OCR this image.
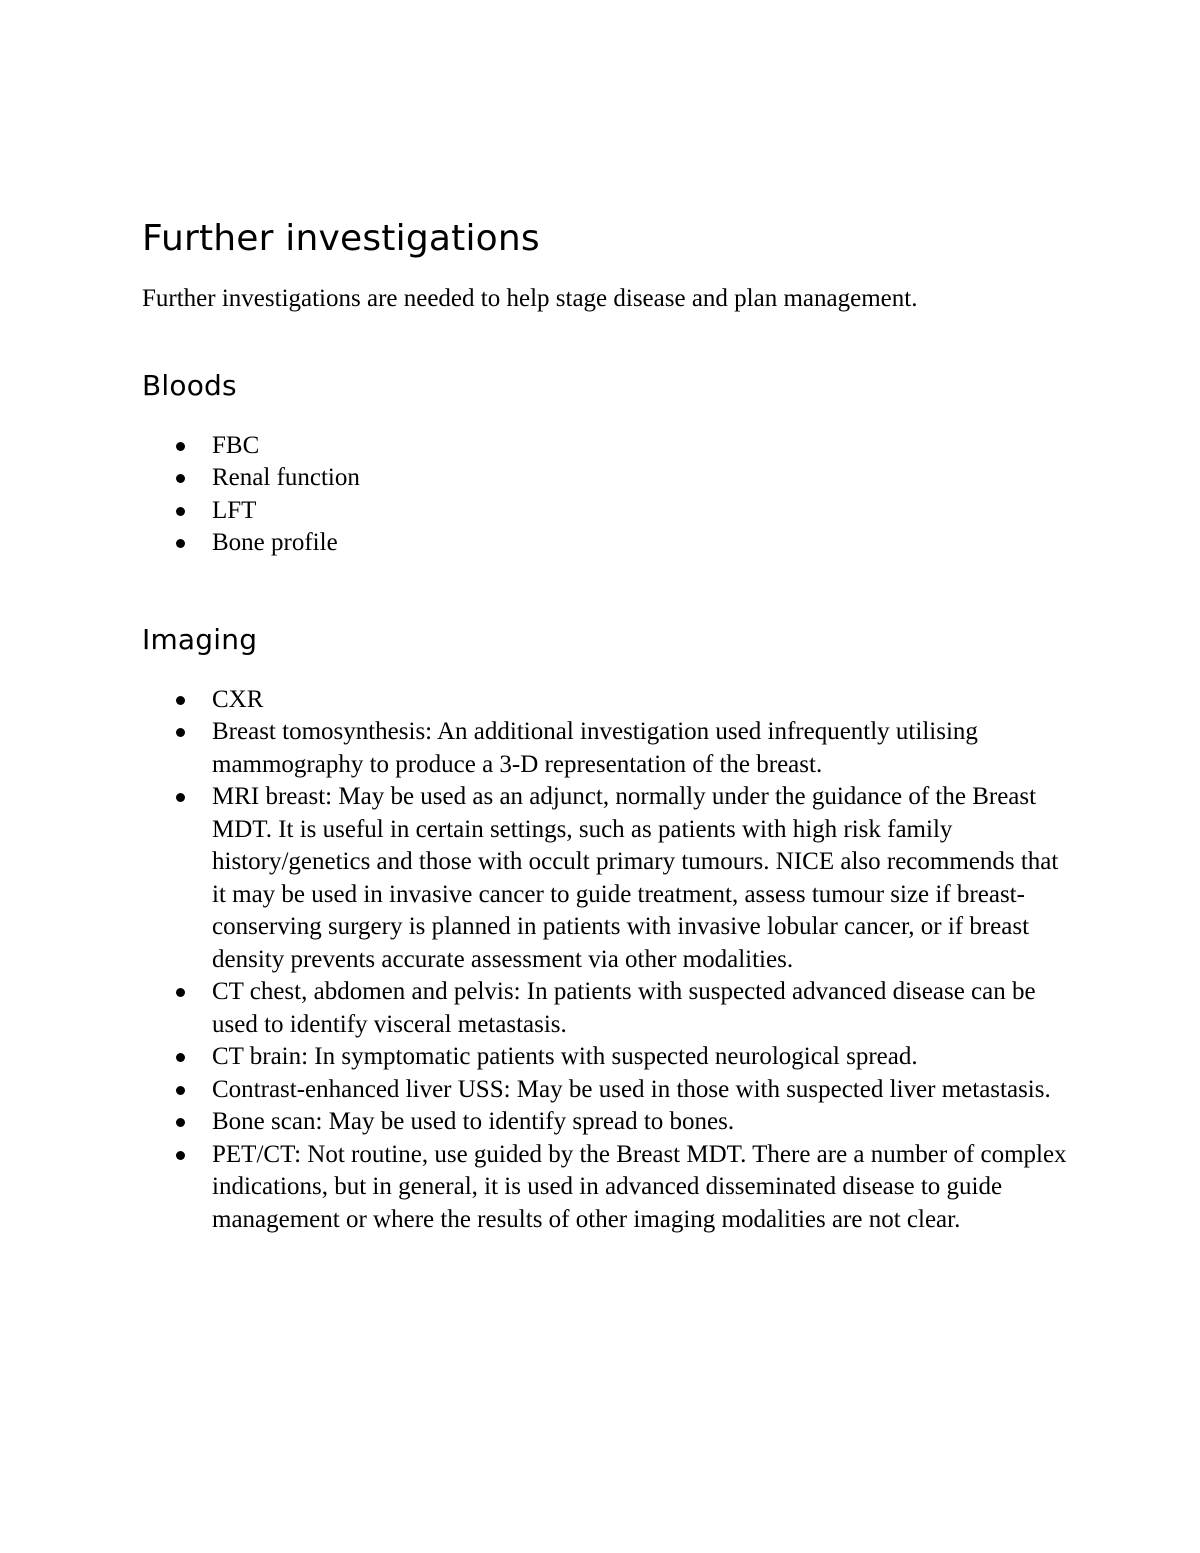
Further investigations

Further investigations are needed to help stage disease and plan management.

Bloods
FBC
Renal function
LFT
Bone profile
Imaging
CXR
Breast tomosynthesis: An additional investigation used infrequently utilising mammography to produce a 3-D representation of the breast.
MRI breast: May be used as an adjunct, normally under the guidance of the Breast MDT. It is useful in certain settings, such as patients with high risk family history/genetics and those with occult primary tumours. NICE also recommends that it may be used in invasive cancer to guide treatment, assess tumour size if breast-conserving surgery is planned in patients with invasive lobular cancer, or if breast density prevents accurate assessment via other modalities.
CT chest, abdomen and pelvis: In patients with suspected advanced disease can be used to identify visceral metastasis.
CT brain: In symptomatic patients with suspected neurological spread.
Contrast-enhanced liver USS: May be used in those with suspected liver metastasis.
Bone scan: May be used to identify spread to bones.
PET/CT: Not routine, use guided by the Breast MDT. There are a number of complex indications, but in general, it is used in advanced disseminated disease to guide management or where the results of other imaging modalities are not clear.
